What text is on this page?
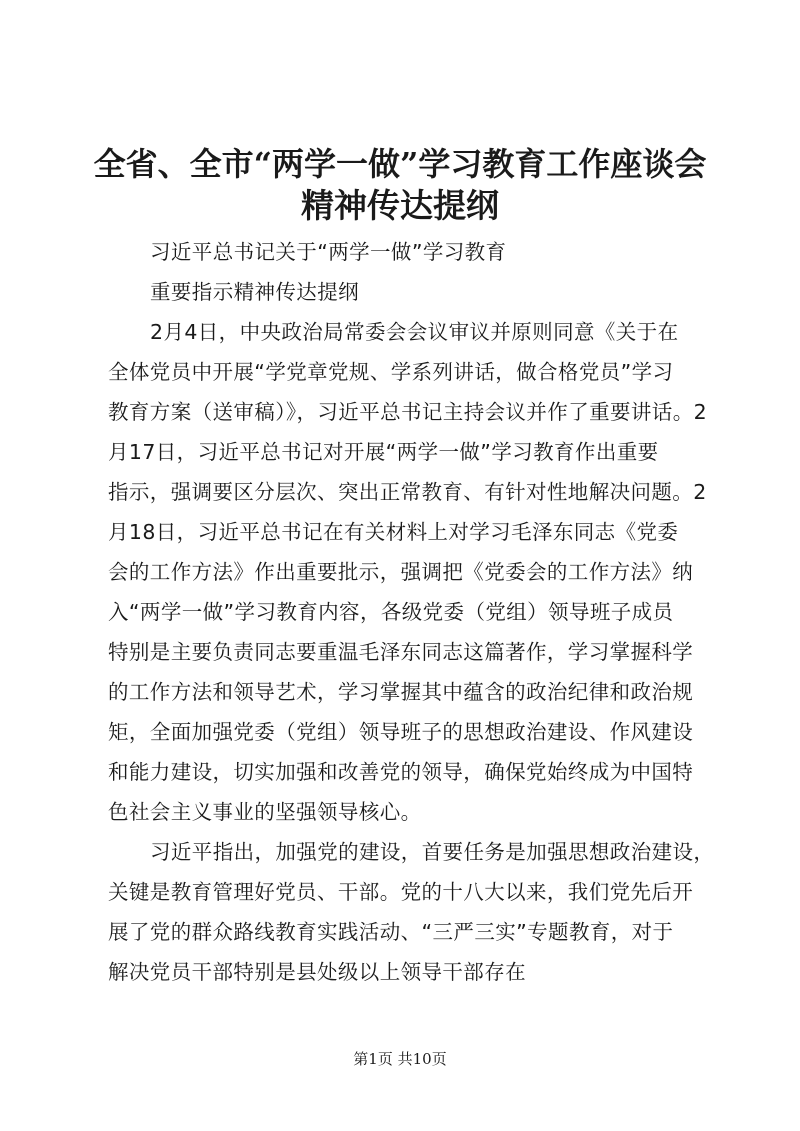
全省、全市“两学一做”学习教育工作座谈会
精神传达提纲

习近平总书记关于“两学一做”学习教育

重要指示精神传达提纲

2月4日，中央政治局常委会会议审议并原则同意《关于在

全体党员中开展“学党章党规、学系列讲话，做合格党员”学习

教育方案（送审稿）》，习近平总书记主持会议并作了重要讲话。2

月17日，习近平总书记对开展“两学一做”学习教育作出重要

指示，强调要区分层次、突出正常教育、有针对性地解决问题。2

月18日，习近平总书记在有关材料上对学习毛泽东同志《党委

会的工作方法》作出重要批示，强调把《党委会的工作方法》纳

入“两学一做”学习教育内容，各级党委（党组）领导班子成员

特别是主要负责同志要重温毛泽东同志这篇著作，学习掌握科学

的工作方法和领导艺术，学习掌握其中蕴含的政治纪律和政治规

矩，全面加强党委（党组）领导班子的思想政治建设、作风建设

和能力建设，切实加强和改善党的领导，确保党始终成为中国特

色社会主义事业的坚强领导核心。

习近平指出，加强党的建设，首要任务是加强思想政治建设，

关键是教育管理好党员、干部。党的十八大以来，我们党先后开

展了党的群众路线教育实践活动、“三严三实”专题教育，对于

解决党员干部特别是县处级以上领导干部存在

第1页 共10页
